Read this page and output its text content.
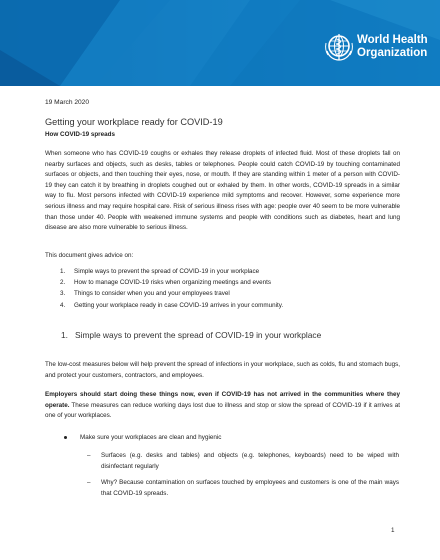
World Health
Organization
19 March 2020
Getting your workplace ready for COVID-19
How COVID-19 spreads

When someone who has COVID-19 coughs or exhales they release droplets of infected fluid. Most of these droplets fall on nearby surfaces and objects, such as desks, tables or telephones. People could catch COVID-19 by touching contaminated surfaces or objects, and then touching their eyes, nose, or mouth. If they are standing within 1 meter of a person with COVID-19 they can catch it by breathing in droplets coughed out or exhaled by them. In other words, COVID-19 spreads in a similar way to flu. Most persons infected with COVID-19 experience mild symptoms and recover. However, some experience more serious illness and may require hospital care. Risk of serious illness rises with age: people over 40 seem to be more vulnerable than those under 40. People with weakened immune systems and people with conditions such as diabetes, heart and lung disease are also more vulnerable to serious illness.

This document gives advice on:

1. Simple ways to prevent the spread of COVID-19 in your workplace
2. How to manage COVID-19 risks when organizing meetings and events
3. Things to consider when you and your employees travel
4. Getting your workplace ready in case COVID-19 arrives in your community.
1. Simple ways to prevent the spread of COVID-19 in your workplace

The low-cost measures below will help prevent the spread of infections in your workplace, such as colds, flu and stomach bugs, and protect your customers, contractors, and employees.

Employers should start doing these things now, even if COVID-19 has not arrived in the communities where they operate. These measures can reduce working days lost due to illness and stop or slow the spread of COVID-19 if it arrives at one of your workplaces.

Make sure your workplaces are clean and hygienic

–	Surfaces (e.g. desks and tables) and objects (e.g. telephones, keyboards) need to be wiped with disinfectant regularly

–	Why? Because contamination on surfaces touched by employees and customers is one of the main ways that COVID-19 spreads.

1
